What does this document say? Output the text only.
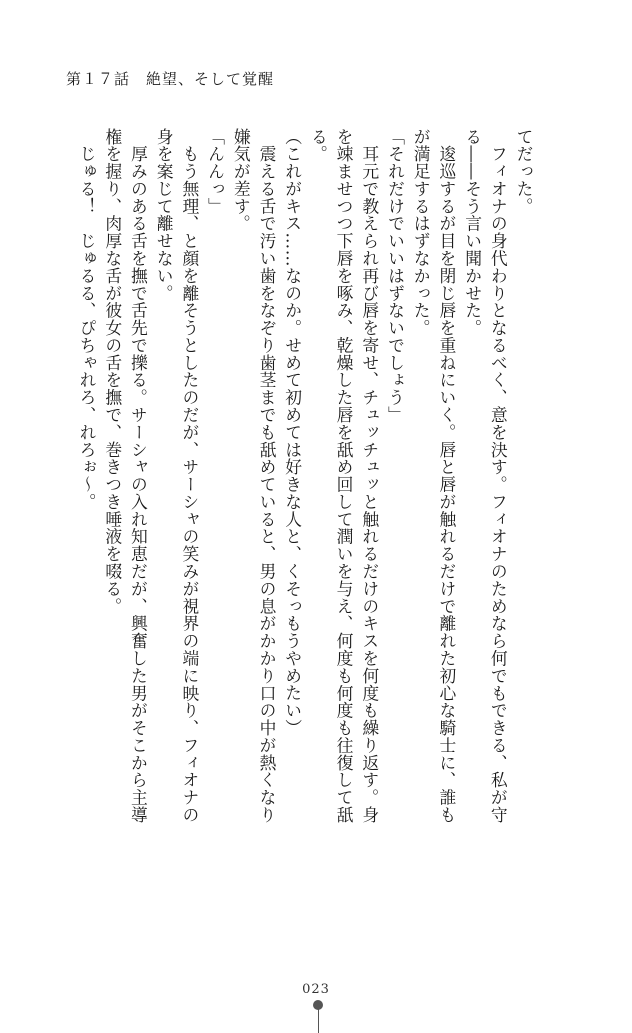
第１７話　絶望、そして覚醒
てだった。
　フィオナの身代わりとなるべく、意を決す。フィオナのためなら何でもできる、私が守
る――そう言い聞かせた。
　逡巡するが目を閉じ唇を重ねにいく。唇と唇が触れるだけで離れた初心な騎士に、誰も
が満足するはずなかった。
「それだけでいいはずないでしょう」
　耳元で教えられ再び唇を寄せ、チュッチュッと触れるだけのキスを何度も繰り返す。身
を竦ませつつ下唇を啄み、乾燥した唇を舐め回して潤いを与え、何度も何度も往復して舐
る。
（これがキス……なのか。せめて初めては好きな人と、くそっもうやめたい）
　震える舌で汚い歯をなぞり歯茎までも舐めていると、男の息がかかり口の中が熱くなり
嫌気が差す。
「んんっ」
　もう無理、と顔を離そうとしたのだが、サーシャの笑みが視界の端に映り、フィオナの
身を案じて離せない。
　厚みのある舌を撫で舌先で擽る。サーシャの入れ知恵だが、興奮した男がそこから主導
権を握り、肉厚な舌が彼女の舌を撫で、巻きつき唾液を啜る。
　じゅる！　じゅるる、ぴちゃれろ、れろぉ～。
023
